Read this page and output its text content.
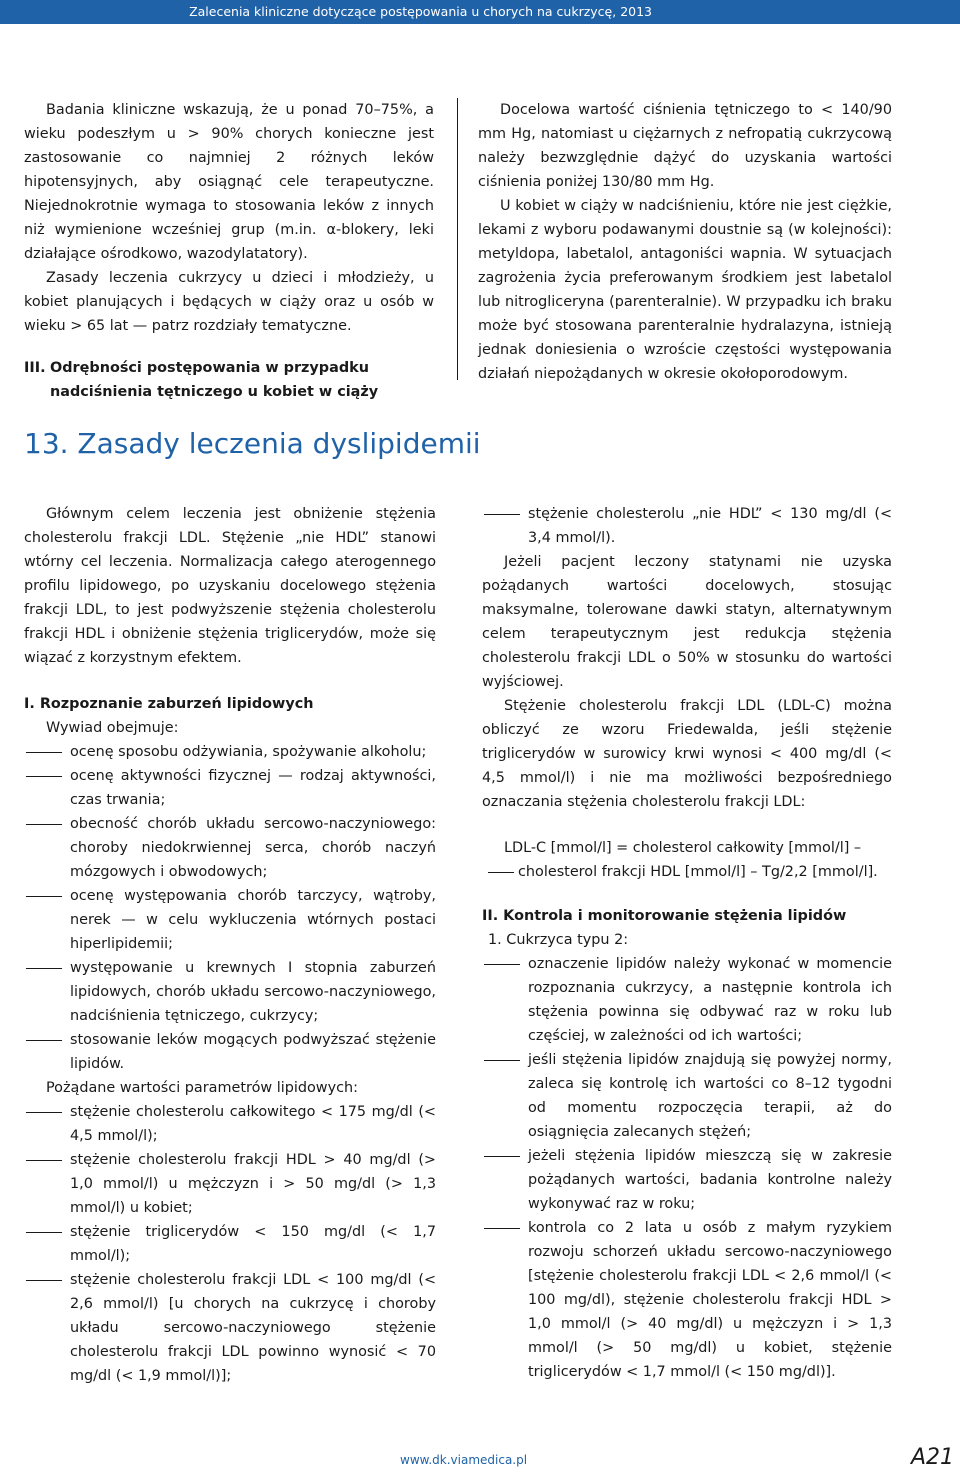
Zalecenia kliniczne dotyczące postępowania u chorych na cukrzycę, 2013

Badania kliniczne wskazują, że u ponad 70–75%, a wieku podeszłym u > 90% chorych konieczne jest zastosowanie co najmniej 2 różnych leków hipotensyjnych, aby osiągnąć cele terapeutyczne. Niejednokrotnie wymaga to stosowania leków z innych niż wymienione wcześniej grup (m.in. α-blokery, leki działające ośrodkowo, wazodylatatory).

Zasady leczenia cukrzycy u dzieci i młodzieży, u kobiet planujących i będących w ciąży oraz u osób w wieku > 65 lat — patrz rozdziały tematyczne.

III. Odrębności postępowania w przypadku nadciśnienia tętniczego u kobiet w ciąży

Docelowa wartość ciśnienia tętniczego to < 140/90 mm Hg, natomiast u ciężarnych z nefropatią cukrzycową należy bezwzględnie dążyć do uzyskania wartości ciśnienia poniżej 130/80 mm Hg.

U kobiet w ciąży w nadciśnieniu, które nie jest ciężkie, lekami z wyboru podawanymi doustnie są (w kolejności): metyldopa, labetalol, antagoniści wapnia. W sytuacjach zagrożenia życia preferowanym środkiem jest labetalol lub nitrogliceryna (parenteralnie). W przypadku ich braku może być stosowana parenteralnie hydralazyna, istnieją jednak doniesienia o wzroście częstości występowania działań niepożądanych w okresie okołoporodowym.

13. Zasady leczenia dyslipidemii

Głównym celem leczenia jest obniżenie stężenia cholesterolu frakcji LDL. Stężenie „nie HDL” stanowi wtórny cel leczenia. Normalizacja całego aterogennego profilu lipidowego, po uzyskaniu docelowego stężenia frakcji LDL, to jest podwyższenie stężenia cholesterolu frakcji HDL i obniżenie stężenia triglicerydów, może się wiązać z korzystnym efektem.

I. Rozpoznanie zaburzeń lipidowych

Wywiad obejmuje:

ocenę sposobu odżywiania, spożywanie alkoholu;
ocenę aktywności fizycznej — rodzaj aktywności, czas trwania;
obecność chorób układu sercowo-naczyniowego: choroby niedokrwiennej serca, chorób naczyń mózgowych i obwodowych;
ocenę występowania chorób tarczycy, wątroby, nerek — w celu wykluczenia wtórnych postaci hiperlipidemii;
występowanie u krewnych I stopnia zaburzeń lipidowych, chorób układu sercowo-naczyniowego, nadciśnienia tętniczego, cukrzycy;
stosowanie leków mogących podwyższać stężenie lipidów.

Pożądane wartości parametrów lipidowych:

stężenie cholesterolu całkowitego < 175 mg/dl (< 4,5 mmol/l);
stężenie cholesterolu frakcji HDL > 40 mg/dl (> 1,0 mmol/l) u mężczyzn i > 50 mg/dl (> 1,3 mmol/l) u kobiet;
stężenie triglicerydów < 150 mg/dl (< 1,7 mmol/l);
stężenie cholesterolu frakcji LDL < 100 mg/dl (< 2,6 mmol/l) [u chorych na cukrzycę i choroby układu sercowo-naczyniowego stężenie cholesterolu frakcji LDL powinno wynosić < 70 mg/dl (< 1,9 mmol/l)];
stężenie cholesterolu „nie HDL” < 130 mg/dl (< 3,4 mmol/l).

Jeżeli pacjent leczony statynami nie uzyska pożądanych wartości docelowych, stosując maksymalne, tolerowane dawki statyn, alternatywnym celem terapeutycznym jest redukcja stężenia cholesterolu frakcji LDL o 50% w stosunku do wartości wyjściowej.

Stężenie cholesterolu frakcji LDL (LDL-C) można obliczyć ze wzoru Friedewalda, jeśli stężenie triglicerydów w surowicy krwi wynosi < 400 mg/dl (< 4,5 mmol/l) i nie ma możliwości bezpośredniego oznaczania stężenia cholesterolu frakcji LDL:

LDL-C [mmol/l] = cholesterol całkowity [mmol/l] –
cholesterol frakcji HDL [mmol/l] – Tg/2,2 [mmol/l].

II. Kontrola i monitorowanie stężenia lipidów

1. Cukrzyca typu 2:

oznaczenie lipidów należy wykonać w momencie rozpoznania cukrzycy, a następnie kontrola ich stężenia powinna się odbywać raz w roku lub częściej, w zależności od ich wartości;
jeśli stężenia lipidów znajdują się powyżej normy, zaleca się kontrolę ich wartości co 8–12 tygodni od momentu rozpoczęcia terapii, aż do osiągnięcia zalecanych stężeń;
jeżeli stężenia lipidów mieszczą się w zakresie pożądanych wartości, badania kontrolne należy wykonywać raz w roku;
kontrola co 2 lata u osób z małym ryzykiem rozwoju schorzeń układu sercowo-naczyniowego [stężenie cholesterolu frakcji LDL < 2,6 mmol/l (< 100 mg/dl), stężenie cholesterolu frakcji HDL > 1,0 mmol/l (> 40 mg/dl) u mężczyzn i > 1,3 mmol/l (> 50 mg/dl) u kobiet, stężenie triglicerydów < 1,7 mmol/l (< 150 mg/dl)].
www.dk.viamedica.pl	A21
